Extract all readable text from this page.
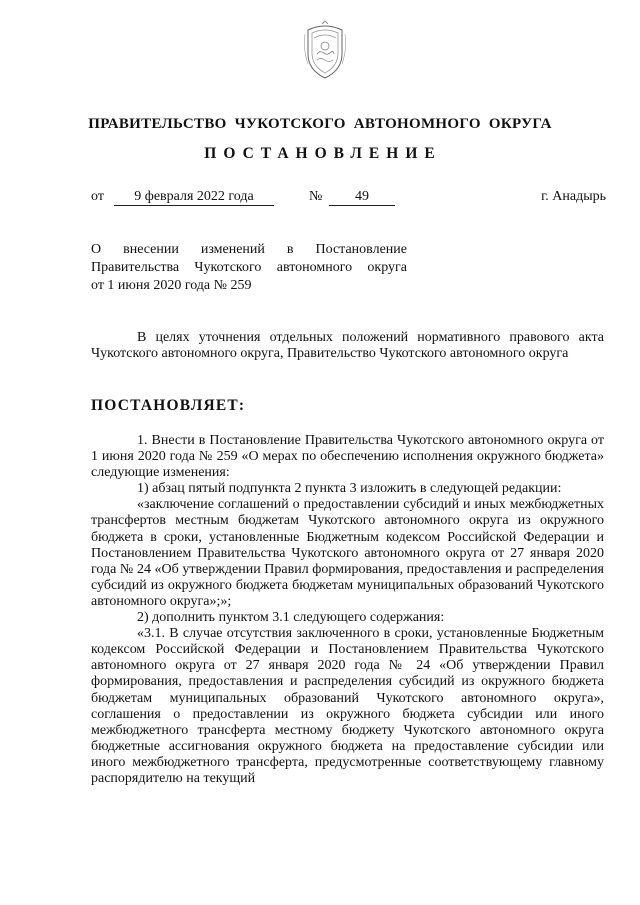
ПРАВИТЕЛЬСТВО ЧУКОТСКОГО АВТОНОМНОГО ОКРУГА
ПОСТАНОВЛЕНИЕ
от	9 февраля 2022 года	№	49	г. Анадырь

О внесении изменений в Постановление
Правительства Чукотского автономного округа
от 1 июня 2020 года № 259

В целях уточнения отдельных положений нормативного правового акта Чукотского автономного округа, Правительство Чукотского автономного округа

ПОСТАНОВЛЯЕТ:

1. Внести в Постановление Правительства Чукотского автономного округа от 1 июня 2020 года № 259 «О мерах по обеспечению исполнения окружного бюджета» следующие изменения:

1) абзац пятый подпункта 2 пункта 3 изложить в следующей редакции:

«заключение соглашений о предоставлении субсидий и иных межбюджетных трансфертов местным бюджетам Чукотского автономного округа из окружного бюджета в сроки, установленные Бюджетным кодексом Российской Федерации и Постановлением Правительства Чукотского автономного округа от 27 января 2020 года № 24 «Об утверждении Правил формирования, предоставления и распределения субсидий из окружного бюджета бюджетам муниципальных образований Чукотского автономного округа»;»;

2) дополнить пунктом 3.1 следующего содержания:

«3.1. В случае отсутствия заключенного в сроки, установленные Бюджетным кодексом Российской Федерации и Постановлением Правительства Чукотского автономного округа от 27 января 2020 года № 24 «Об утверждении Правил формирования, предоставления и распределения субсидий из окружного бюджета бюджетам муниципальных образований Чукотского автономного округа», соглашения о предоставлении из окружного бюджета субсидии или иного межбюджетного трансферта местному бюджету Чукотского автономного округа бюджетные ассигнования окружного бюджета на предоставление субсидии или иного межбюджетного трансферта, предусмотренные соответствующему главному распорядителю на текущий
